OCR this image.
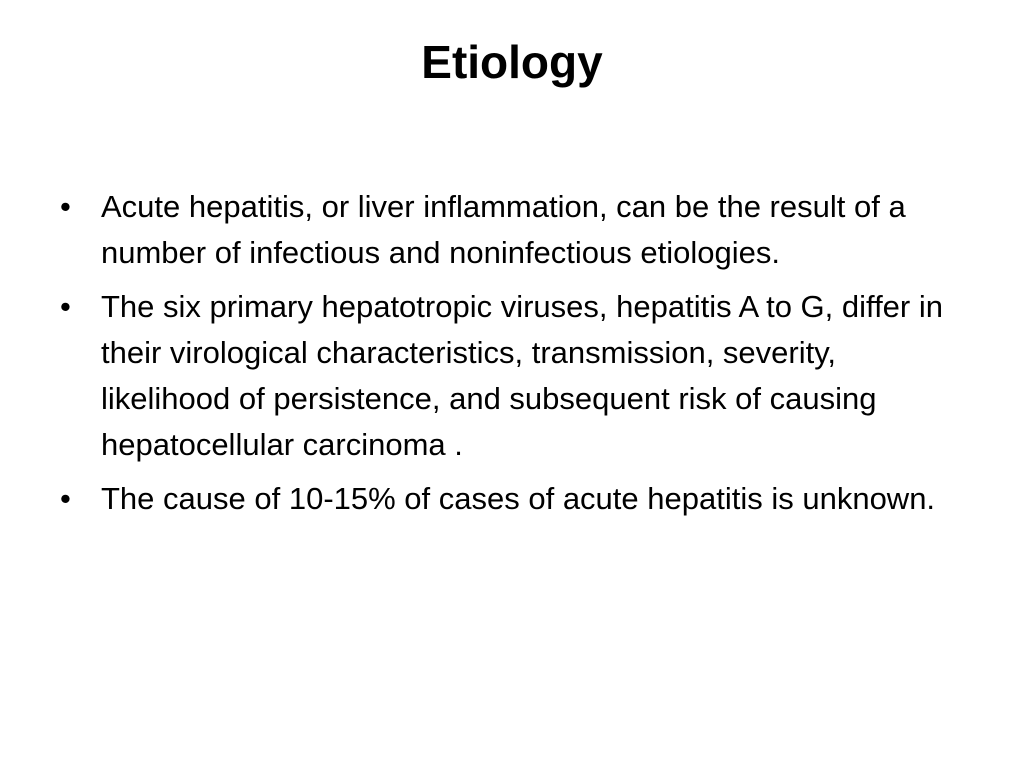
Etiology
• Acute hepatitis, or liver inflammation, can be the result of a number of infectious and noninfectious etiologies.
• The six primary hepatotropic viruses, hepatitis A to G, differ in their virological characteristics, transmission, severity, likelihood of persistence, and subsequent risk of causing hepatocellular carcinoma .
• The cause of 10-15% of cases of acute hepatitis is unknown.
